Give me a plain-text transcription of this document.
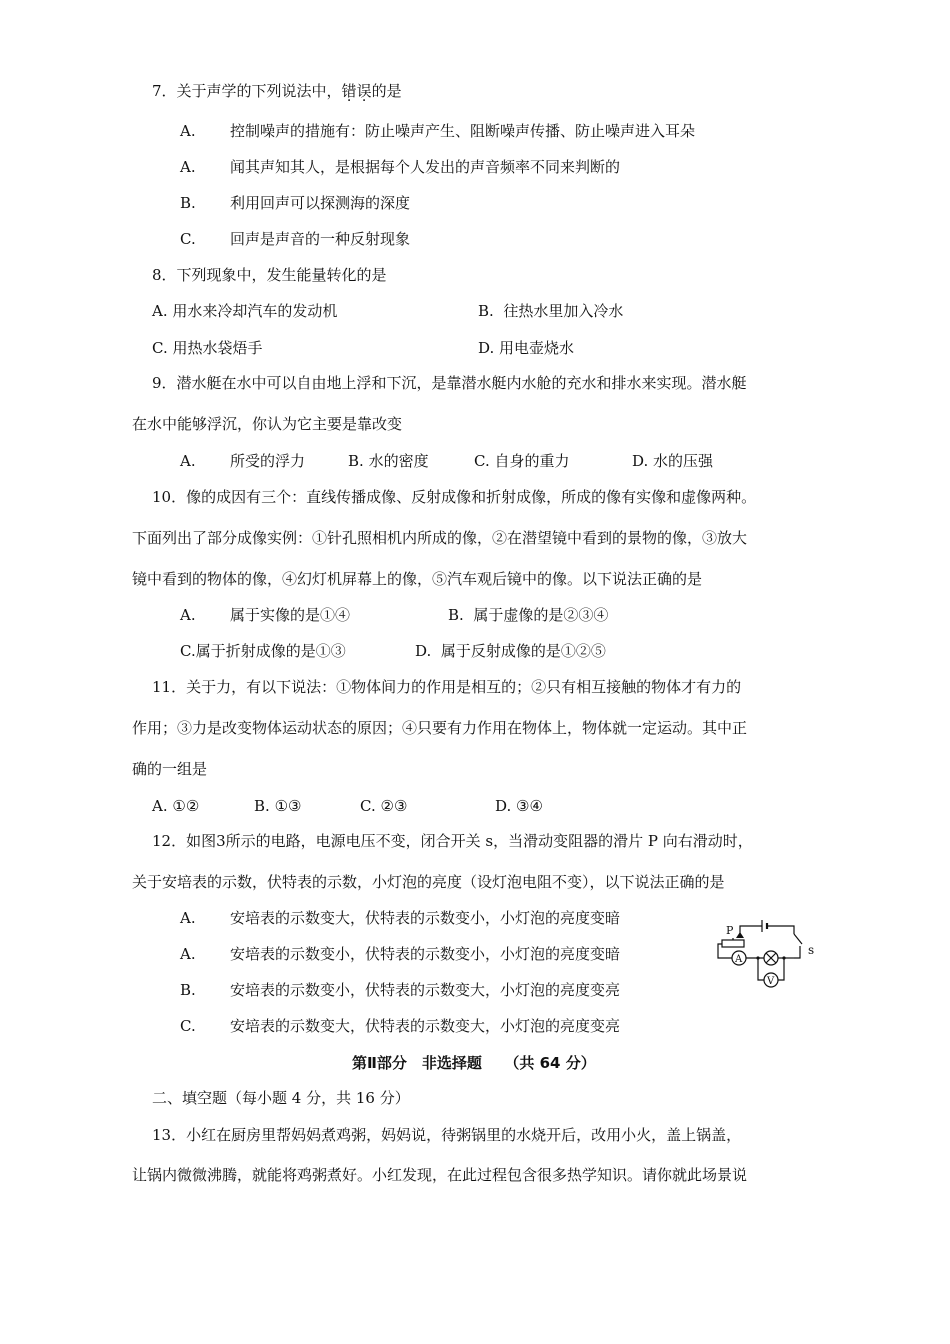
7．关于声学的下列说法中，错误的是
A. 控制噪声的措施有：防止噪声产生、阻断噪声传播、防止噪声进入耳朵
A. 闻其声知其人，是根据每个人发出的声音频率不同来判断的
B. 利用回声可以探测海的深度
C. 回声是声音的一种反射现象
8．下列现象中，发生能量转化的是
A. 用水来冷却汽车的发动机	B. 往热水里加入冷水
C. 用热水袋焐手	D. 用电壶烧水
9．潜水艇在水中可以自由地上浮和下沉，是靠潜水艇内水舱的充水和排水来实现。潜水艇
在水中能够浮沉，你认为它主要是靠改变
A. 所受的浮力	B. 水的密度	C. 自身的重力	D. 水的压强
10．像的成因有三个：直线传播成像、反射成像和折射成像，所成的像有实像和虚像两种。
下面列出了部分成像实例：①针孔照相机内所成的像，②在潜望镜中看到的景物的像，③放大
镜中看到的物体的像，④幻灯机屏幕上的像，⑤汽车观后镜中的像。以下说法正确的是
A. 属于实像的是①④	B. 属于虚像的是②③④
C.属于折射成像的是①③	D. 属于反射成像的是①②⑤
11．关于力，有以下说法：①物体间力的作用是相互的；②只有相互接触的物体才有力的
作用；③力是改变物体运动状态的原因；④只要有力作用在物体上，物体就一定运动。其中正
确的一组是
A. ①②	B. ①③	C. ②③	D. ③④
12．如图3所示的电路，电源电压不变，闭合开关 s，当滑动变阻器的滑片 P 向右滑动时，
关于安培表的示数，伏特表的示数，小灯泡的亮度（设灯泡电阻不变），以下说法正确的是
A. 安培表的示数变大，伏特表的示数变小，小灯泡的亮度变暗
A. 安培表的示数变小，伏特表的示数变小，小灯泡的亮度变暗
B. 安培表的示数变小，伏特表的示数变大，小灯泡的亮度变亮
C. 安培表的示数变大，伏特表的示数变大，小灯泡的亮度变亮
P
s
A
V
第Ⅱ部分　非选择题　　（共 64 分）
二、填空题（每小题 4 分，共 16 分）
13．小红在厨房里帮妈妈煮鸡粥，妈妈说，待粥锅里的水烧开后，改用小火，盖上锅盖，
让锅内微微沸腾，就能将鸡粥煮好。小红发现，在此过程包含很多热学知识。请你就此场景说
